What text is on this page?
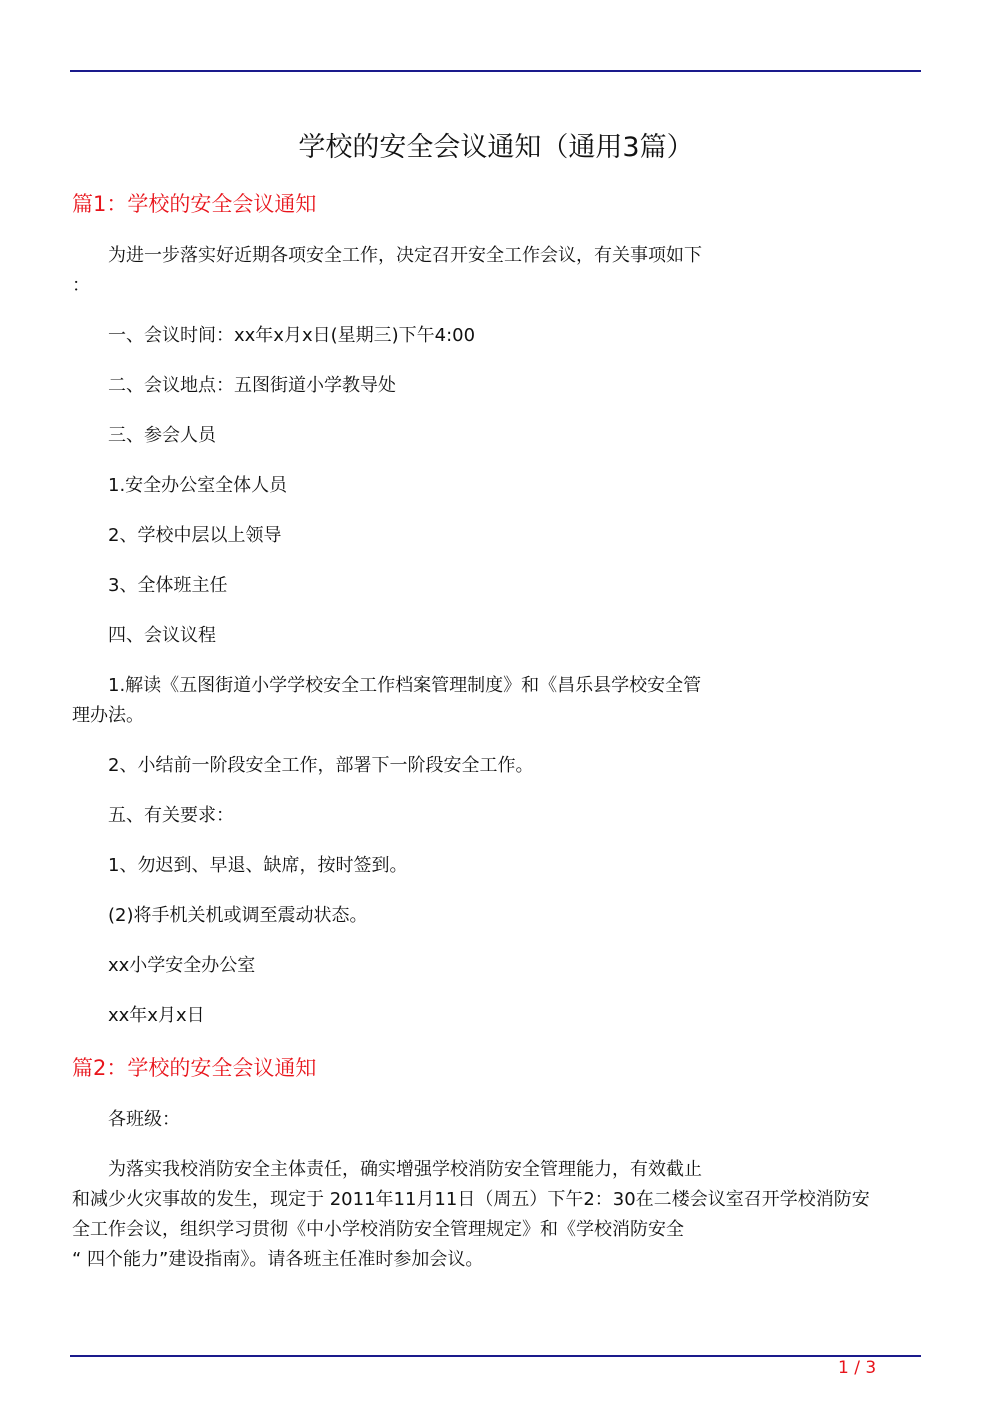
学校的安全会议通知（通用3篇）
篇1：学校的安全会议通知
为进一步落实好近期各项安全工作，决定召开安全工作会议，有关事项如下
：
一、会议时间：xx年x月x日(星期三)下午4:00
二、会议地点：五图街道小学教导处
三、参会人员
1.安全办公室全体人员
2、学校中层以上领导
3、全体班主任
四、会议议程
1.解读《五图街道小学学校安全工作档案管理制度》和《昌乐县学校安全管
理办法。
2、小结前一阶段安全工作，部署下一阶段安全工作。
五、有关要求：
1、勿迟到、早退、缺席，按时签到。
(2)将手机关机或调至震动状态。
xx小学安全办公室
xx年x月x日
篇2：学校的安全会议通知
各班级：
为落实我校消防安全主体责任，确实增强学校消防安全管理能力，有效截止
和减少火灾事故的发生，现定于 2011年11月11日（周五）下午2：30在二楼会议室召开学校消防安
全工作会议，组织学习贯彻《中小学校消防安全管理规定》和《学校消防安全
“ 四个能力”建设指南》。请各班主任准时参加会议。
1 / 3
